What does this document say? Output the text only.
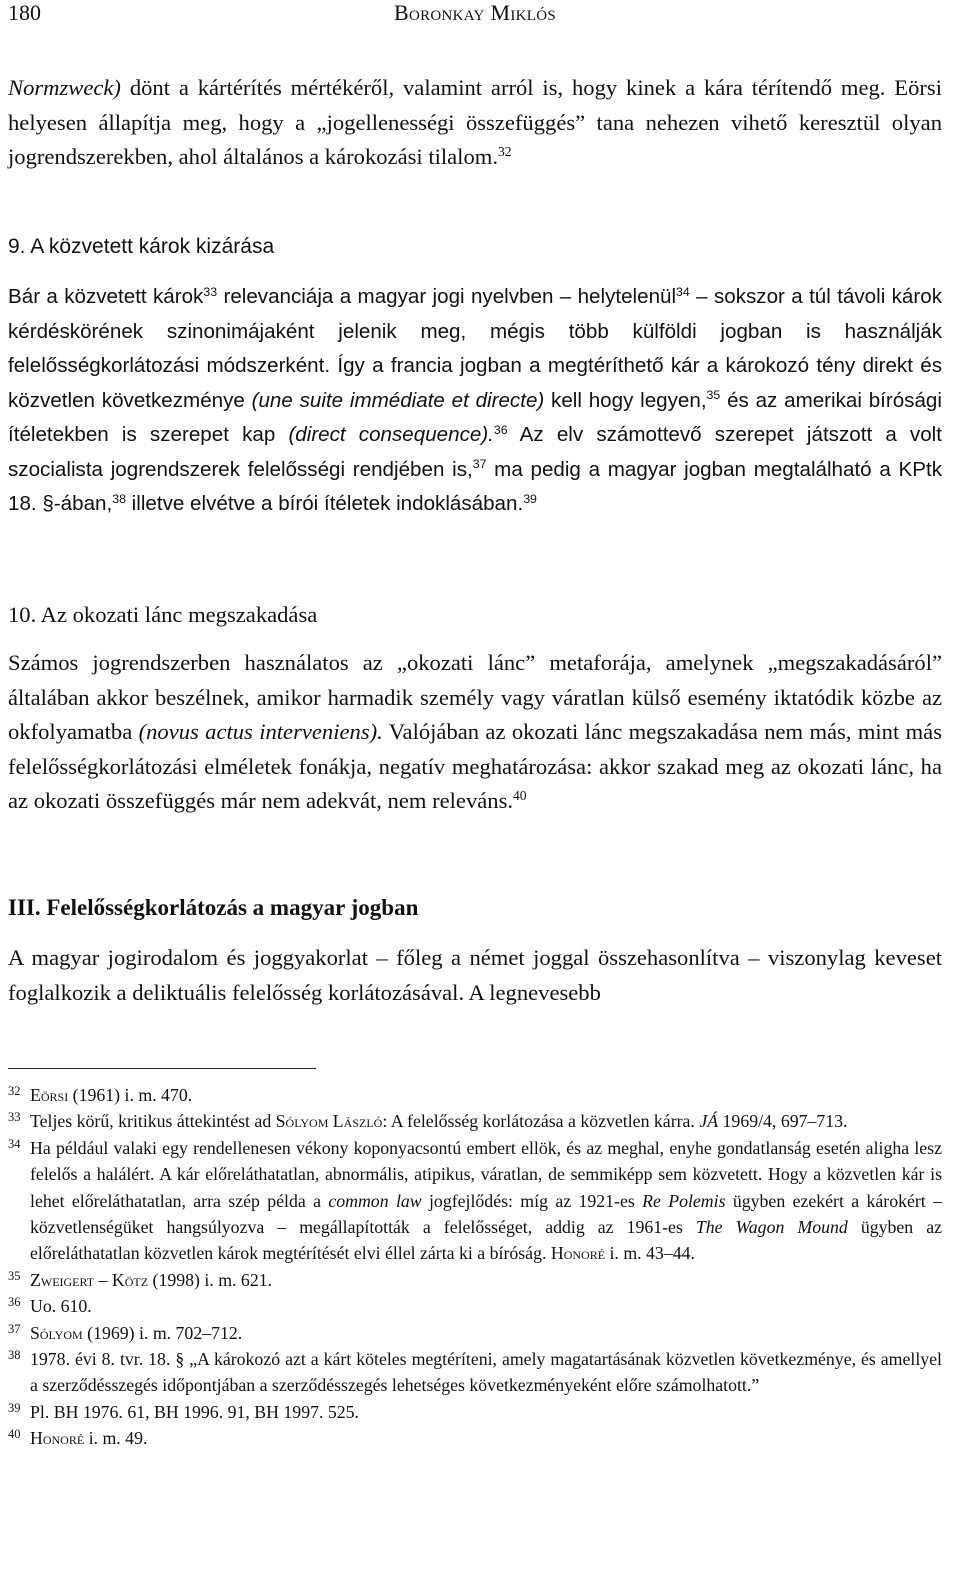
180	Boronkay Miklós

Normzweck) dönt a kártérítés mértékéről, valamint arról is, hogy kinek a kára térítendő meg. Eörsi helyesen állapítja meg, hogy a „jogellenességi összefüggés” tana nehezen vihető keresztül olyan jogrendszerekben, ahol általános a károkozási tilalom.$^{32}$

9. A közvetett károk kizárása

Bár a közvetett károk$^{33}$ relevanciája a magyar jogi nyelvben – helytelenül$^{34}$ – sokszor a túl távoli károk kérdéskörének szinonimájaként jelenik meg, mégis több külföldi jogban is használják felelősségkorlátozási módszerként. Így a francia jogban a megtéríthető kár a károkozó tény direkt és közvetlen következménye (une suite immédiate et directe) kell hogy legyen,$^{35}$ és az amerikai bírósági ítéletekben is szerepet kap (direct consequence).$^{36}$ Az elv számottevő szerepet játszott a volt szocialista jogrendszerek felelősségi rendjében is,$^{37}$ ma pedig a magyar jogban megtalálható a KPtk 18. §-ában,$^{38}$ illetve elvétve a bírói ítéletek indoklásában.$^{39}$

10. Az okozati lánc megszakadása

Számos jogrendszerben használatos az „okozati lánc” metaforája, amelynek „megszakadásáról” általában akkor beszélnek, amikor harmadik személy vagy váratlan külső esemény iktatódik közbe az okfolyamatba (novus actus interveniens). Valójában az okozati lánc megszakadása nem más, mint más felelősségkorlátozási elméletek fonákja, negatív meghatározása: akkor szakad meg az okozati lánc, ha az okozati összefüggés már nem adekvát, nem releváns.$^{40}$

III. Felelősségkorlátozás a magyar jogban

A magyar jogirodalom és joggyakorlat – főleg a német joggal összehasonlítva – viszonylag keveset foglalkozik a deliktuális felelősség korlátozásával. A legnevesebb

32 Eörsi (1961) i. m. 470.
33 Teljes körű, kritikus áttekintést ad Sólyom László: A felelősség korlátozása a közvetlen kárra. JÁ 1969/4, 697–713.
34 Ha például valaki egy rendellenesen vékony koponyacsontú embert ellök, és az meghal, enyhe gondatlanság esetén aligha lesz felelős a halálért. A kár előreláthatatlan, abnormális, atipikus, váratlan, de semmiképp sem közvetett. Hogy a közvetlen kár is lehet előreláthatatlan, arra szép példa a common law jogfejlődés: míg az 1921-es Re Polemis ügyben ezekért a károkért – közvetlenségüket hangsúlyozva – megállapították a felelősséget, addig az 1961-es The Wagon Mound ügyben az előreláthatatlan közvetlen károk megtérítését elvi éllel zárta ki a bíróság. Honoré i. m. 43–44.
35 Zweigert – Kötz (1998) i. m. 621.
36 Uo. 610.
37 Sólyom (1969) i. m. 702–712.
38 1978. évi 8. tvr. 18. § „A károkozó azt a kárt köteles megtéríteni, amely magatartásának közvetlen következménye, és amellyel a szerződésszegés időpontjában a szerződésszegés lehetséges következményeként előre számolhatott.”
39 Pl. BH 1976. 61, BH 1996. 91, BH 1997. 525.
40 Honoré i. m. 49.
